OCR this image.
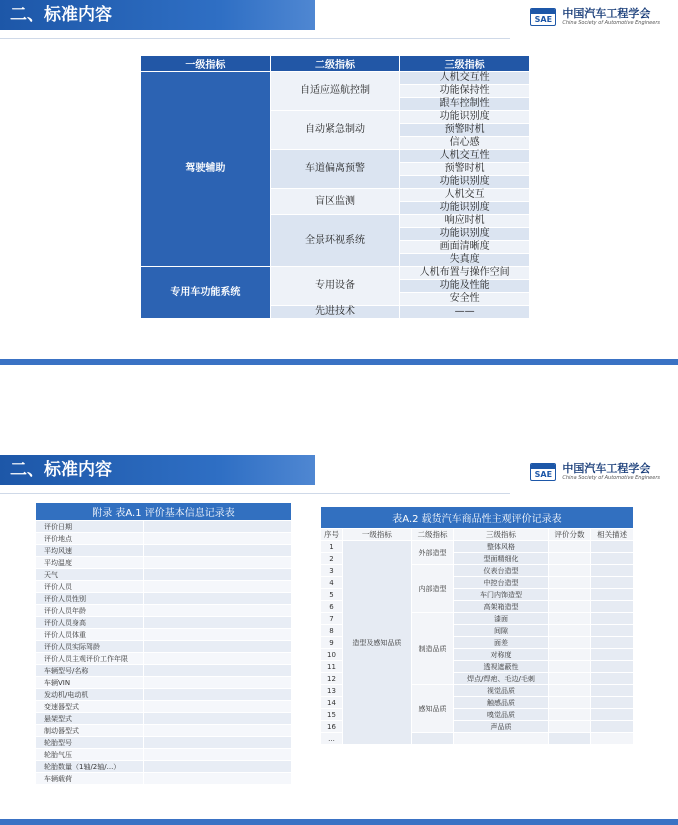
二、标准内容	SAE 中国汽车工程学会
China Society of Automotive Engineers
一级指标	二级指标	三级指标
驾驶辅助	自适应巡航控制	人机交互性
		功能保持性
		跟车控制性
	自动紧急制动	功能识别度
		预警时机
		信心感
	车道偏离预警	人机交互性
		预警时机
		功能识别度
	盲区监测	人机交互
		功能识别度
	全景环视系统	响应时机
		功能识别度
		画面清晰度
		失真度
专用车功能系统	专用设备	人机布置与操作空间
		功能及性能
		安全性
	先进技术	——
二、标准内容	SAE 中国汽车工程学会
China Society of Automotive Engineers
附录 表A.1 评价基本信息记录表	
评价日期	
评价地点	
平均风速	
平均温度	
天气	
评价人员	
评价人员性别	
评价人员年龄	
评价人员身高	
评价人员体重	
评价人员实际驾龄	
评价人员主观评价工作年限	
车辆型号/名称	
车辆VIN	
发动机/电动机	
变速器型式	
悬架型式	
制动器型式	
轮胎型号	
轮胎气压	
轮胎数量（1轴/2轴/...）	
车辆载荷	
表A.2 载货汽车商品性主观评价记录表					
序号	一级指标	二级指标	三级指标	评价分数	相关描述
1	造型及感知品质	外部造型	整体风格		
2			型面精细化		
3		内部造型	仪表台造型		
4			中控台造型		
5			车门内饰造型		
6			高架箱造型		
7		制造品质	漆面		
8			间隙		
9			面差		
10			对称度		
11			透视遮蔽性		
12			焊点/焊疤、毛边/毛刺		
13		感知品质	视觉品质		
14			触感品质		
15			嗅觉品质		
16			声品质		
...					
